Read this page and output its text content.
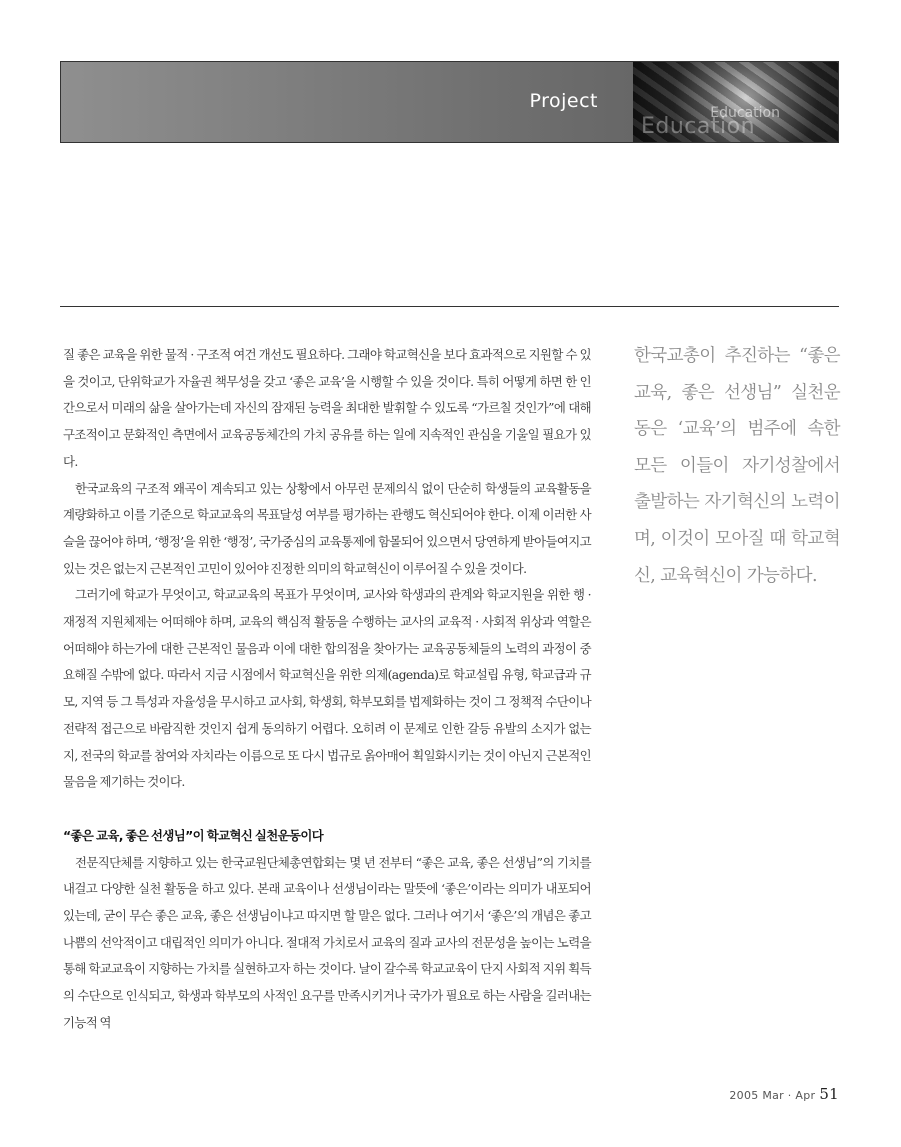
Project
Education
Education

질 좋은 교육을 위한 물적 · 구조적 여건 개선도 필요하다. 그래야 학교혁신을 보다 효과적으로 지원할 수 있을 것이고, 단위학교가 자율권 책무성을 갖고 ‘좋은 교육’을 시행할 수 있을 것이다. 특히 어떻게 하면 한 인간으로서 미래의 삶을 살아가는데 자신의 잠재된 능력을 최대한 발휘할 수 있도록 “가르칠 것인가”에 대해 구조적이고 문화적인 측면에서 교육공동체간의 가치 공유를 하는 일에 지속적인 관심을 기울일 필요가 있다.

한국교육의 구조적 왜곡이 계속되고 있는 상황에서 아무런 문제의식 없이 단순히 학생들의 교육활동을 계량화하고 이를 기준으로 학교교육의 목표달성 여부를 평가하는 관행도 혁신되어야 한다. 이제 이러한 사슬을 끊어야 하며, ‘행정’을 위한 ‘행정’, 국가중심의 교육통제에 함몰되어 있으면서 당연하게 받아들여지고 있는 것은 없는지 근본적인 고민이 있어야 진정한 의미의 학교혁신이 이루어질 수 있을 것이다.

그러기에 학교가 무엇이고, 학교교육의 목표가 무엇이며, 교사와 학생과의 관계와 학교지원을 위한 행 · 재정적 지원체제는 어떠해야 하며, 교육의 핵심적 활동을 수행하는 교사의 교육적 · 사회적 위상과 역할은 어떠해야 하는가에 대한 근본적인 물음과 이에 대한 합의점을 찾아가는 교육공동체들의 노력의 과정이 중요해질 수밖에 없다. 따라서 지금 시점에서 학교혁신을 위한 의제(agenda)로 학교설립 유형, 학교급과 규모, 지역 등 그 특성과 자율성을 무시하고 교사회, 학생회, 학부모회를 법제화하는 것이 그 정책적 수단이나 전략적 접근으로 바람직한 것인지 쉽게 동의하기 어렵다. 오히려 이 문제로 인한 갈등 유발의 소지가 없는지, 전국의 학교를 참여와 자치라는 이름으로 또 다시 법규로 옭아매어 획일화시키는 것이 아닌지 근본적인 물음을 제기하는 것이다.

“좋은 교육, 좋은 선생님”이 학교혁신 실천운동이다

전문직단체를 지향하고 있는 한국교원단체총연합회는 몇 년 전부터 “좋은 교육, 좋은 선생님”의 기치를 내걸고 다양한 실천 활동을 하고 있다. 본래 교육이나 선생님이라는 말뜻에 ‘좋은’이라는 의미가 내포되어 있는데, 굳이 무슨 좋은 교육, 좋은 선생님이냐고 따지면 할 말은 없다. 그러나 여기서 ‘좋은’의 개념은 좋고 나쁨의 선악적이고 대립적인 의미가 아니다. 절대적 가치로서 교육의 질과 교사의 전문성을 높이는 노력을 통해 학교교육이 지향하는 가치를 실현하고자 하는 것이다. 날이 갈수록 학교교육이 단지 사회적 지위 획득의 수단으로 인식되고, 학생과 학부모의 사적인 요구를 만족시키거나 국가가 필요로 하는 사람을 길러내는 기능적 역

한국교총이 추진하는 “좋은 교육, 좋은 선생님” 실천운동은 ‘교육’의 범주에 속한 모든 이들이 자기성찰에서 출발하는 자기혁신의 노력이며, 이것이 모아질 때 학교혁신, 교육혁신이 가능하다.
2005 Mar · Apr 51
